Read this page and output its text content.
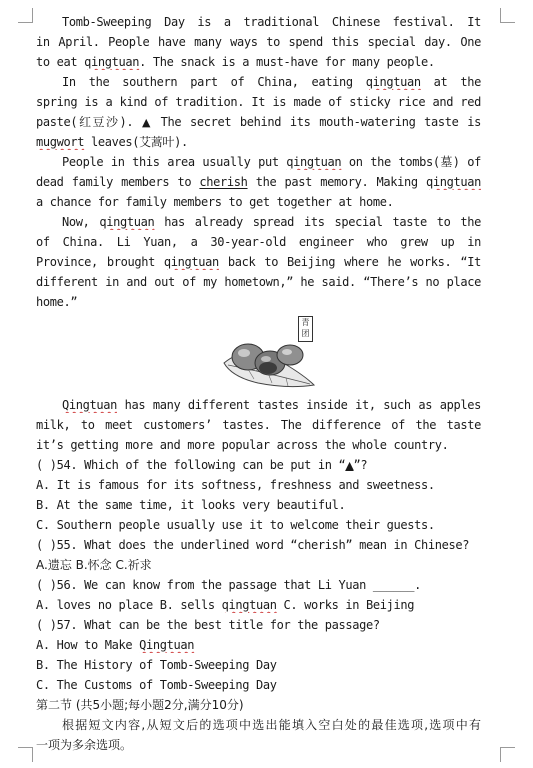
Tomb-Sweeping Day is a traditional Chinese festival. It
in April. People have many ways to spend this special day. One
to eat qingtuan. The snack is a must-have for many people.
In the southern part of China, eating qingtuan at the
spring is a kind of tradition. It is made of sticky rice and red
paste(红豆沙). ▲ The secret behind its mouth-watering taste is
mugwort leaves(艾蒿叶).
People in this area usually put qingtuan on the tombs(墓) of
dead family members to cherish the past memory. Making qingtuan
a chance for family members to get together at home.
Now, qingtuan has already spread its special taste to the
of China. Li Yuan, a 30-year-old engineer who grew up in
Province, brought qingtuan back to Beijing where he works. “It
different in and out of my hometown,” he said. “There’s no place
home.”
青团
Qingtuan has many different tastes inside it, such as apples
milk, to meet customers’ tastes. The difference of the taste
it’s getting more and more popular across the whole country.
( )54. Which of the following can be put in “▲”?
A. It is famous for its softness, freshness and sweetness.
B. At the same time, it looks very beautiful.
C. Southern people usually use it to welcome their guests.
( )55. What does the underlined word “cherish” mean in Chinese?
A.遗忘 B.怀念 C.祈求
( )56. We can know from the passage that Li Yuan ______.
A. loves no place B. sells qingtuan C. works in Beijing
( )57. What can be the best title for the passage?
A. How to Make Qingtuan
B. The History of Tomb-Sweeping Day
C. The Customs of Tomb-Sweeping Day
第二节 (共5小题;每小题2分,满分10分)
根据短文内容,从短文后的选项中选出能填入空白处的最佳选项,选项中有
一项为多余选项。
